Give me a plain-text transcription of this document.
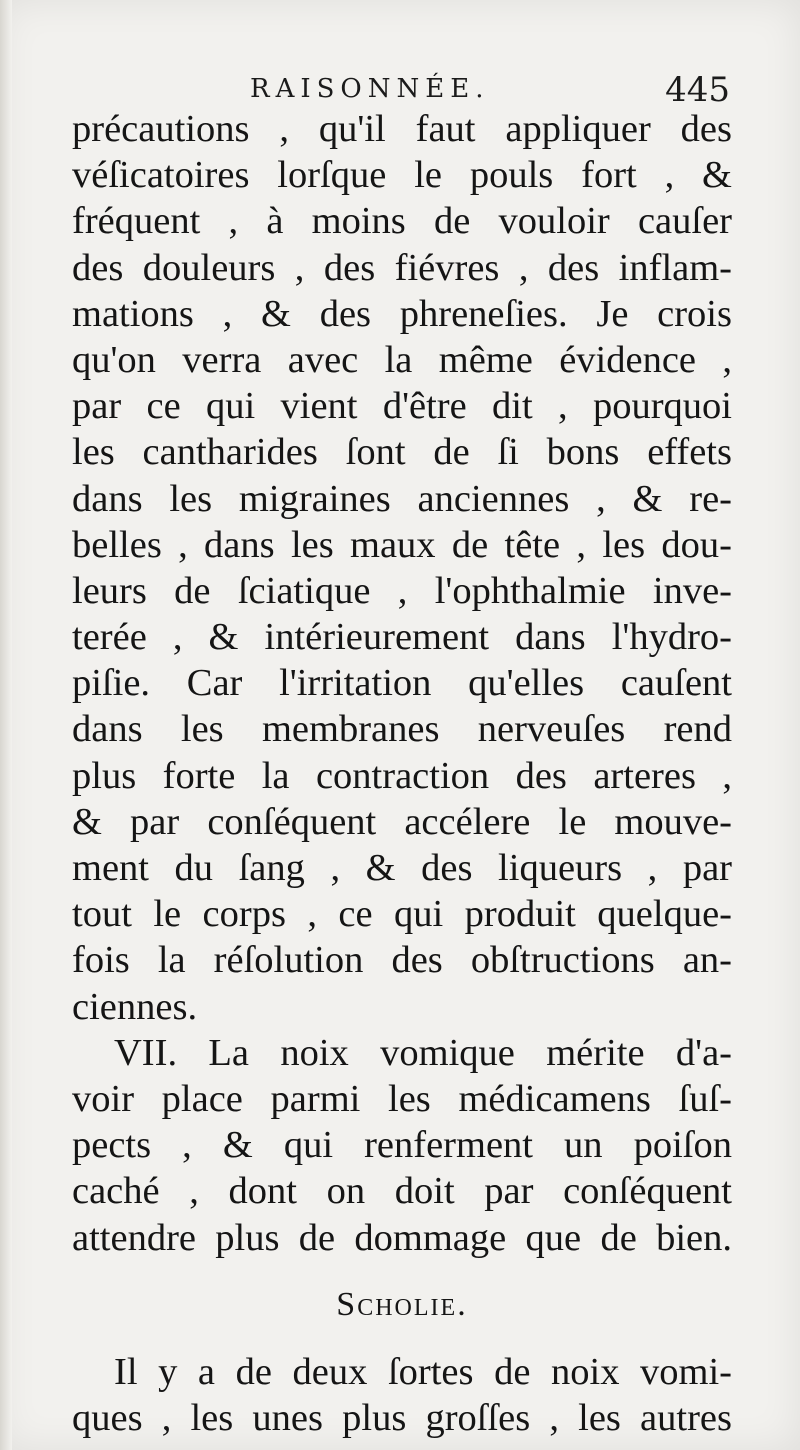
RAISONNÉE.	445
précautions , qu'il faut appliquer des
véſicatoires lorſque le pouls fort , &
fréquent , à moins de vouloir cauſer
des douleurs , des fiévres , des inflam-
mations , & des phreneſies. Je crois
qu'on verra avec la même évidence ,
par ce qui vient d'être dit , pourquoi
les cantharides ſont de ſi bons effets
dans les migraines anciennes , & re-
belles , dans les maux de tête , les dou-
leurs de ſciatique , l'ophthalmie inve-
terée , & intérieurement dans l'hydro-
piſie. Car l'irritation qu'elles cauſent
dans les membranes nerveuſes rend
plus forte la contraction des arteres ,
& par conſéquent accélere le mouve-
ment du ſang , & des liqueurs , par
tout le corps , ce qui produit quelque-
fois la réſolution des obſtructions an-
ciennes.
VII. La noix vomique mérite d'a-
voir place parmi les médicamens ſuſ-
pects , & qui renferment un poiſon
caché , dont on doit par conſéquent
attendre plus de dommage que de bien.
Scholie.
Il y a de deux ſortes de noix vomi-
ques , les unes plus groſſes , les autres
